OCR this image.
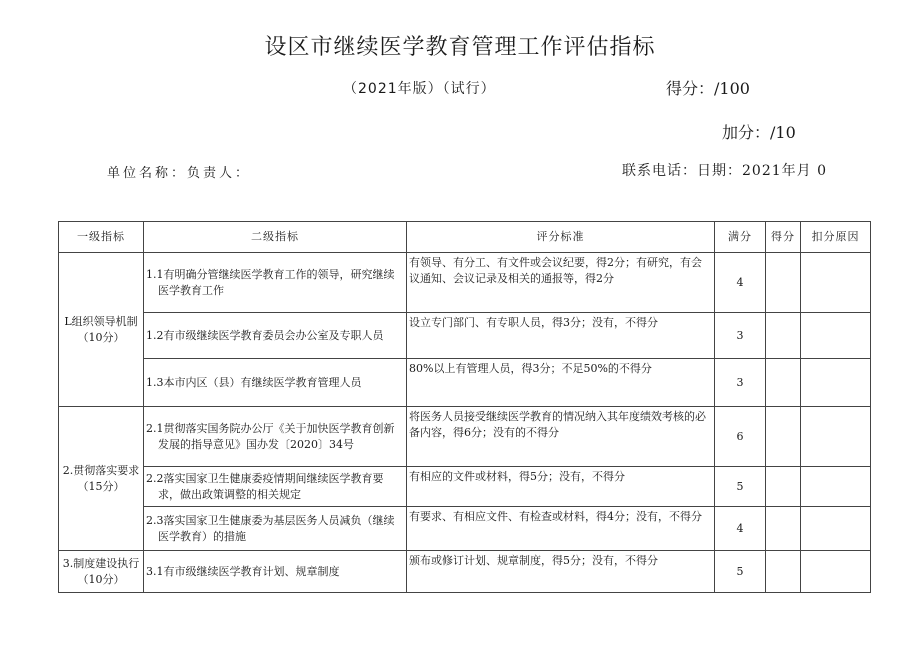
设区市继续医学教育管理工作评估指标
（2021年版）（试行）	得分：/100
加分：/10
单位名称：负责人：	联系电话：日期：2021年月 0
一级指标	二级指标	评分标准	满分	得分	扣分原因
L组织领导机制（10分）	1.1有明确分管继续医学教育工作的领导，研究继续医学教育工作	有领导、有分工、有文件或会议纪要，得2分；有研究，有会议通知、会议记录及相关的通报等，得2分	4		
	1.2有市级继续医学教育委员会办公室及专职人员	设立专门部门、有专职人员，得3分；没有，不得分	3		
	1.3本市内区（县）有继续医学教育管理人员	80%以上有管理人员，得3分；不足50%的不得分	3		
2.贯彻落实要求（15分）	2.1贯彻落实国务院办公厅《关于加快医学教育创新发展的指导意见》国办发〔2020〕34号	将医务人员接受继续医学教育的情况纳入其年度绩效考核的必备内容，得6分；没有的不得分	6		
	2.2落实国家卫生健康委疫情期间继续医学教育要求，做出政策调整的相关规定	有相应的文件或材料，得5分；没有，不得分	5		
	2.3落实国家卫生健康委为基层医务人员减负（继续医学教育）的措施	有要求、有相应文件、有检查或材料，得4分；没有，不得分	4		
3.制度建设执行（10分）	3.1有市级继续医学教育计划、规章制度	颁布或修订计划、规章制度，得5分；没有，不得分	5		
